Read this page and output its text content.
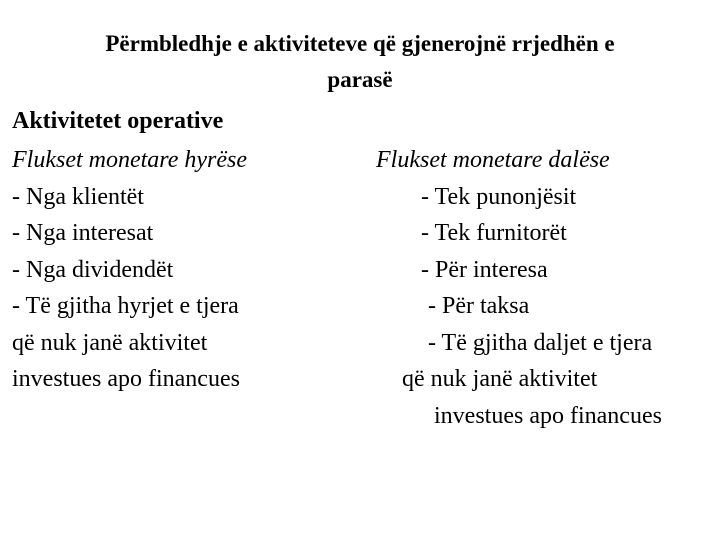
Përmbledhje e aktiviteteve që gjenerojnë rrjedhën e
parasë
Aktivitetet operative
Flukset monetare hyrëse
- Nga klientët
- Nga interesat
- Nga dividendët
- Të gjitha hyrjet e tjera
që nuk janë aktivitet
investues apo financues
Flukset monetare dalëse
- Tek punonjësit
- Tek furnitorët
- Për interesa
- Për taksa
- Të gjitha daljet e tjera
që nuk janë aktivitet
investues apo financues
